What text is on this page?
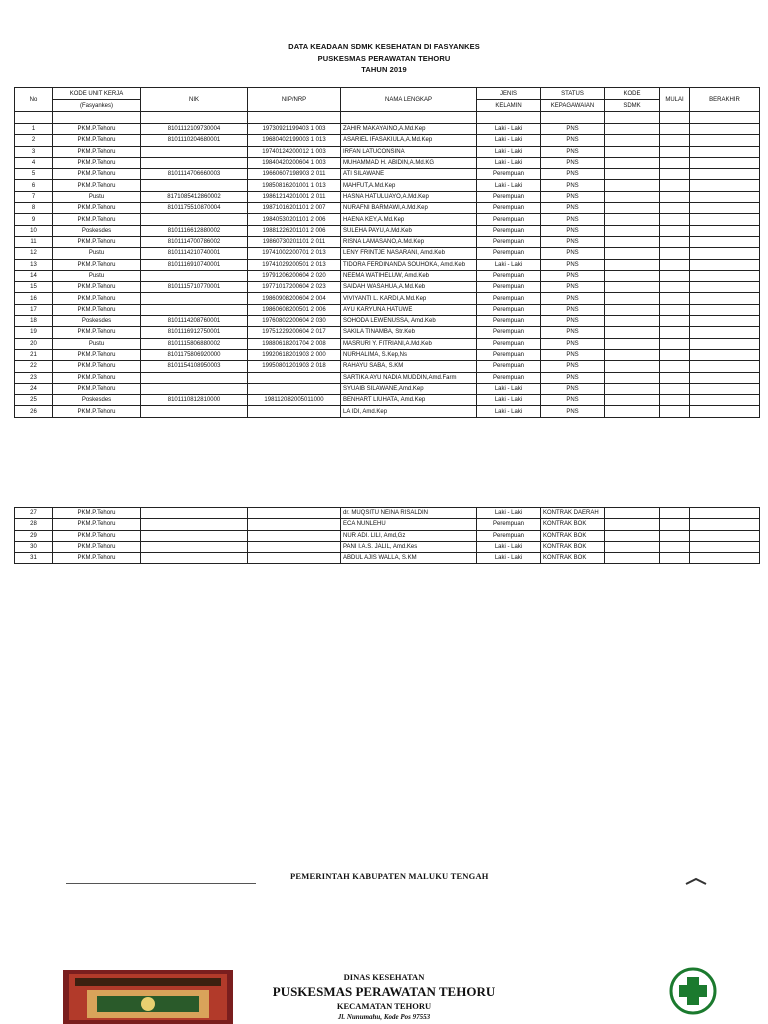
DATA KEADAAN SDMK KESEHATAN DI FASYANKES
PUSKESMAS PERAWATAN TEHORU
TAHUN 2019
No	KODE UNIT KERJA	NIK	NIP/NRP	NAMA LENGKAP	JENIS	STATUS	KODE	MULAI	BERAKHIR
	(Fasyankes)				KELAMIN	KEPAGAWAIAN	SDMK		

1	PKM.P.Tehoru	8101112109730004	19730921199403 1 003	ZAHIR MAKAYAINO,A.Md.Kep	Laki - Laki	PNS			
2	PKM.P.Tehoru	8101110204680001	19680402199003 1 013	ASARIEL IFASAKIULA,A.Md.Kep	Laki - Laki	PNS			
3	PKM.P.Tehoru		19740124200012 1 003	IRFAN LATUCONSINA	Laki - Laki	PNS			
4	PKM.P.Tehoru		19840420200604 1 003	MUHAMMAD H. ABIDIN,A.Md.KG	Laki - Laki	PNS			
5	PKM.P.Tehoru	8101114706660003	19660607198903 2 011	ATI SILAWANE	Perempuan	PNS			
6	PKM.P.Tehoru		19850816201001 1 013	MAHFUT,A.Md.Kep	Laki - Laki	PNS			
7	Pustu	8171085412860002	19861214201001 2 011	HASNA HATULUAYO,A.Md.Kep	Perempuan	PNS			
8	PKM.P.Tehoru	8101175510870004	19871016201101 2 007	NURAFNI BARMAWI,A.Md.Kep	Perempuan	PNS			
9	PKM.P.Tehoru		19840530201101 2 006	HAENA KEY,A.Md.Kep	Perempuan	PNS			
10	Poskesdes	8101116612880002	19881226201101 2 006	SULEHA PAYU,A.Md.Keb	Perempuan	PNS			
11	PKM.P.Tehoru	8101114700786002	19860730201101 2 011	RISNA LAMASANO,A.Md.Kep	Perempuan	PNS			
12	Pustu	8101114210740001	19741002200701 2 013	LENY FRINTJE NASARANI, Amd.Keb	Perempuan	PNS			
13	PKM.P.Tehoru	8101116910740001	19741029200501 2 013	TIDORA FERDINANDA SOUHOKA, Amd.Keb	Laki - Laki	PNS			
14	Pustu		19791206200604 2 020	NEEMA WATIHELUW, Amd.Keb	Perempuan	PNS			
15	PKM.P.Tehoru	8101115710770001	19771017200604 2 023	SAIDAH WASAHUA,A.Md.Keb	Perempuan	PNS			
16	PKM.P.Tehoru		19860908200604 2 004	VIVIYANTI L. KARDI,A.Md.Kep	Perempuan	PNS			
17	PKM.P.Tehoru		19860608200501 2 006	AYU KARYUNA HATUWE	Perempuan	PNS			
18	Poskesdes	8101114208760001	19760802200604 2 030	SOHODA LEWENUSSA, Amd.Keb	Perempuan	PNS			
19	PKM.P.Tehoru	8101116912750001	19751229200604 2 017	SAKILA TINAMBA, Str.Keb	Perempuan	PNS			
20	Pustu	8101115806880002	19880618201704 2 008	MASRURI Y. FITRIANI,A.Md.Keb	Perempuan	PNS			
21	PKM.P.Tehoru	8101175806920000	19920618201903 2 000	NURHALIMA, S.Kep,Ns	Perempuan	PNS			
22	PKM.P.Tehoru	8101154108950003	19950801201903 2 018	RAHAYU SABA, S.KM	Perempuan	PNS			
23	PKM.P.Tehoru			SARTIKA AYU NADIA MUDDIN,Amd.Farm	Perempuan	PNS			
24	PKM.P.Tehoru			SYUAIB SILAWANE,Amd.Kep	Laki - Laki	PNS			
25	Poskesdes	8101110812810000	198112082005011000	BENHART LIUHATA, Amd.Kep	Laki - Laki	PNS			
26	PKM.P.Tehoru			LA IDI, Amd.Kep	Laki - Laki	PNS			
27	PKM.P.Tehoru			dr. MUQSITU NEINA RISALDIN	Laki - Laki	KONTRAK DAERAH			
28	PKM.P.Tehoru			ECA NUNLEHU	Perempuan	KONTRAK BOK			
29	PKM.P.Tehoru			NUR ADI. LILI, Amd,Gz	Perempuan	KONTRAK BOK			
30	PKM.P.Tehoru			PANI I.A.S. JALIL, Amd.Kes	Laki - Laki	KONTRAK BOK			
31	PKM.P.Tehoru			ABDUL AJIS WALLA, S.KM	Laki - Laki	KONTRAK BOK			
PEMERINTAH KABUPATEN MALUKU TENGAH
DINAS KESEHATAN
PUSKESMAS PERAWATAN TEHORU
KECAMATAN TEHORU
Jl. Nunumahu, Kode Pos 97553
